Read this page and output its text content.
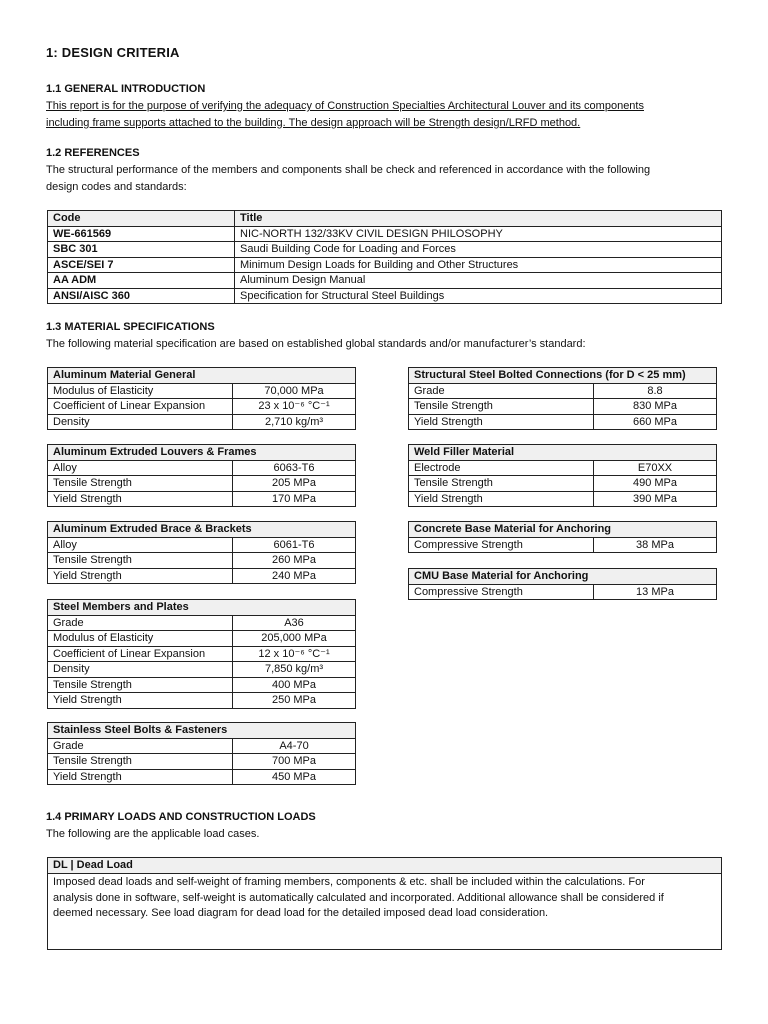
1: DESIGN CRITERIA
1.1 GENERAL INTRODUCTION
This report is for the purpose of verifying the adequacy of Construction Specialties Architectural Louver and its components
including frame supports attached to the building. The design approach will be Strength design/LRFD method.
1.2 REFERENCES
The structural performance of the members and components shall be check and referenced in accordance with the following
design codes and standards:
Code	Title
WE-661569	NIC-NORTH 132/33KV CIVIL DESIGN PHILOSOPHY
SBC 301	Saudi Building Code for Loading and Forces
ASCE/SEI 7	Minimum Design Loads for Building and Other Structures
AA ADM	Aluminum Design Manual
ANSI/AISC 360	Specification for Structural Steel Buildings
1.3 MATERIAL SPECIFICATIONS
The following material specification are based on established global standards and/or manufacturer’s standard:
Aluminum Material General	
Modulus of Elasticity	70,000 MPa
Coefficient of Linear Expansion	23 x 10⁻⁶ °C⁻¹
Density	2,710 kg/m³
Aluminum Extruded Louvers & Frames	
Alloy	6063-T6
Tensile Strength	205 MPa
Yield Strength	170 MPa
Aluminum Extruded Brace & Brackets	
Alloy	6061-T6
Tensile Strength	260 MPa
Yield Strength	240 MPa
Steel Members and Plates	
Grade	A36
Modulus of Elasticity	205,000 MPa
Coefficient of Linear Expansion	12 x 10⁻⁶ °C⁻¹
Density	7,850 kg/m³
Tensile Strength	400 MPa
Yield Strength	250 MPa
Stainless Steel Bolts & Fasteners	
Grade	A4-70
Tensile Strength	700 MPa
Yield Strength	450 MPa
Structural Steel Bolted Connections (for D < 25 mm)	
Grade	8.8
Tensile Strength	830 MPa
Yield Strength	660 MPa
Weld Filler Material	
Electrode	E70XX
Tensile Strength	490 MPa
Yield Strength	390 MPa
Concrete Base Material for Anchoring
Compressive Strength	38 MPa
CMU Base Material for Anchoring
Compressive Strength	13 MPa
1.4 PRIMARY LOADS AND CONSTRUCTION LOADS
The following are the applicable load cases.
DL | Dead Load
Imposed dead loads and self-weight of framing members, components & etc. shall be included within the calculations. For
analysis done in software, self-weight is automatically calculated and incorporated. Additional allowance shall be considered if
deemed necessary. See load diagram for dead load for the detailed imposed dead load consideration.
